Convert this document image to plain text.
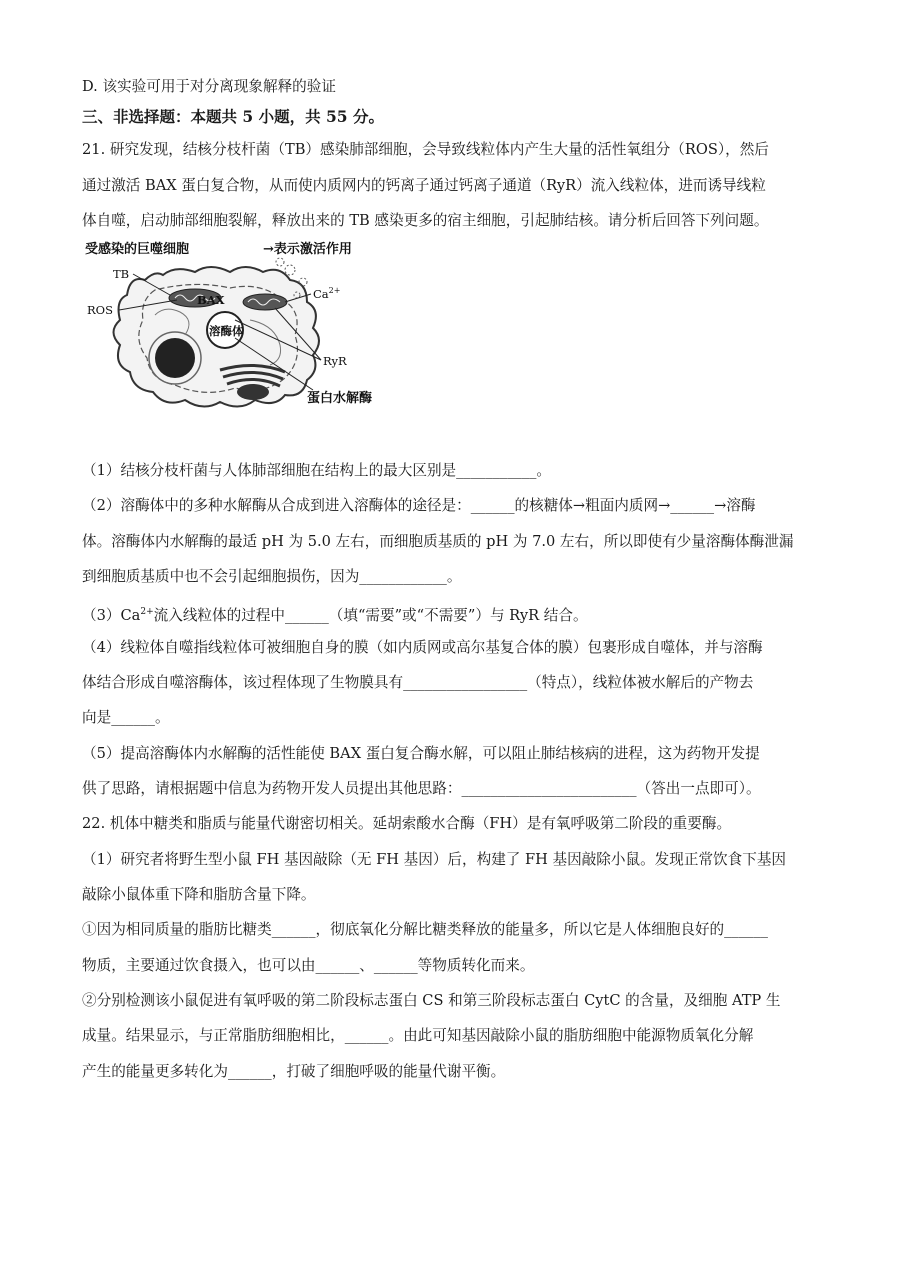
D. 该实验可用于对分离现象解释的验证
三、非选择题：本题共 5 小题，共 55 分。
21. 研究发现，结核分枝杆菌（TB）感染肺部细胞，会导致线粒体内产生大量的活性氧组分（ROS），然后
通过激活 BAX 蛋白复合物，从而使内质网内的钙离子通过钙离子通道（RyR）流入线粒体，进而诱导线粒
体自噬，启动肺部细胞裂解，释放出来的 TB 感染更多的宿主细胞，引起肺结核。请分析后回答下列问题。
受感染的巨噬细胞	→表示激活作用
溶酶体
TB
ROS
BAX	$Ca^{2+}$
RyR
蛋白水解酶
（1）结核分枝杆菌与人体肺部细胞在结构上的最大区别是___________。
（2）溶酶体中的多种水解酶从合成到进入溶酶体的途径是：______的核糖体→粗面内质网→______→溶酶
体。溶酶体内水解酶的最适 pH 为 5.0 左右，而细胞质基质的 pH 为 7.0 左右，所以即使有少量溶酶体酶泄漏
到细胞质基质中也不会引起细胞损伤，因为____________。
$(3)Ca^{2+}$流入线粒体的过程中______（填“需要”或“不需要”）与 RyR 结合。
（4）线粒体自噬指线粒体可被细胞自身的膜（如内质网或高尔基复合体的膜）包裹形成自噬体，并与溶酶
体结合形成自噬溶酶体，该过程体现了生物膜具有_________________（特点），线粒体被水解后的产物去
向是______。
（5）提高溶酶体内水解酶的活性能使 BAX 蛋白复合酶水解，可以阻止肺结核病的进程，这为药物开发提
供了思路，请根据题中信息为药物开发人员提出其他思路：________________________（答出一点即可）。
22. 机体中糖类和脂质与能量代谢密切相关。延胡索酸水合酶（FH）是有氧呼吸第二阶段的重要酶。
（1）研究者将野生型小鼠 FH 基因敲除（无 FH 基因）后，构建了 FH 基因敲除小鼠。发现正常饮食下基因
敲除小鼠体重下降和脂肪含量下降。
①因为相同质量的脂肪比糖类______，彻底氧化分解比糖类释放的能量多，所以它是人体细胞良好的______
物质，主要通过饮食摄入，也可以由______、______等物质转化而来。
②分别检测该小鼠促进有氧呼吸的第二阶段标志蛋白 CS 和第三阶段标志蛋白 CytC 的含量，及细胞 ATP 生
成量。结果显示，与正常脂肪细胞相比，______。由此可知基因敲除小鼠的脂肪细胞中能源物质氧化分解
产生的能量更多转化为______，打破了细胞呼吸的能量代谢平衡。
